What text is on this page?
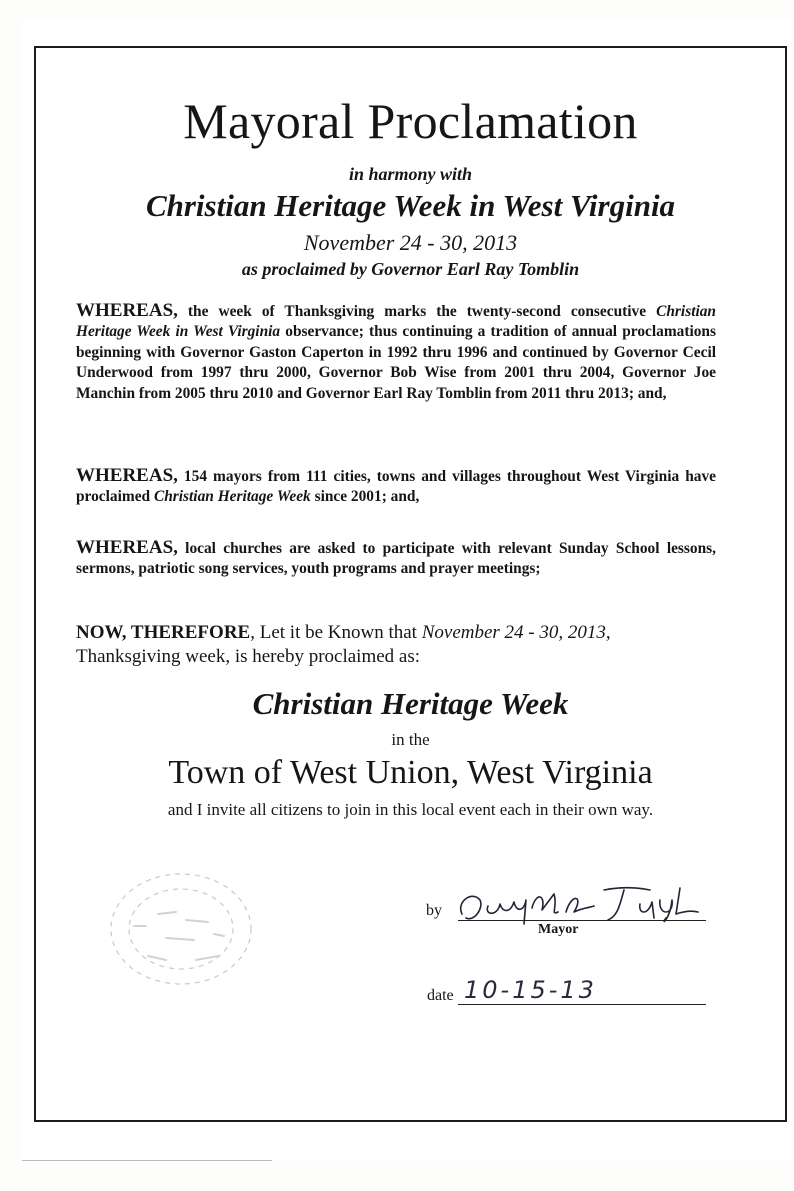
Mayoral Proclamation
in harmony with
Christian Heritage Week in West Virginia
November 24 - 30, 2013
as proclaimed by Governor Earl Ray Tomblin
WHEREAS, the week of Thanksgiving marks the twenty-second consecutive Christian Heritage Week in West Virginia observance; thus continuing a tradition of annual proclamations beginning with Governor Gaston Caperton in 1992 thru 1996 and continued by Governor Cecil Underwood from 1997 thru 2000, Governor Bob Wise from 2001 thru 2004, Governor Joe Manchin from 2005 thru 2010 and Governor Earl Ray Tomblin from 2011 thru 2013; and,
WHEREAS, 154 mayors from 111 cities, towns and villages throughout West Virginia have proclaimed Christian Heritage Week since 2001; and,
WHEREAS, local churches are asked to participate with relevant Sunday School lessons, sermons, patriotic song services, youth programs and prayer meetings;
NOW, THEREFORE, Let it be Known that November 24 - 30, 2013,
Thanksgiving week, is hereby proclaimed as:
Christian Heritage Week
in the
Town of West Union, West Virginia
and I invite all citizens to join in this local event each in their own way.
by
Mayor
date 10-15-13
